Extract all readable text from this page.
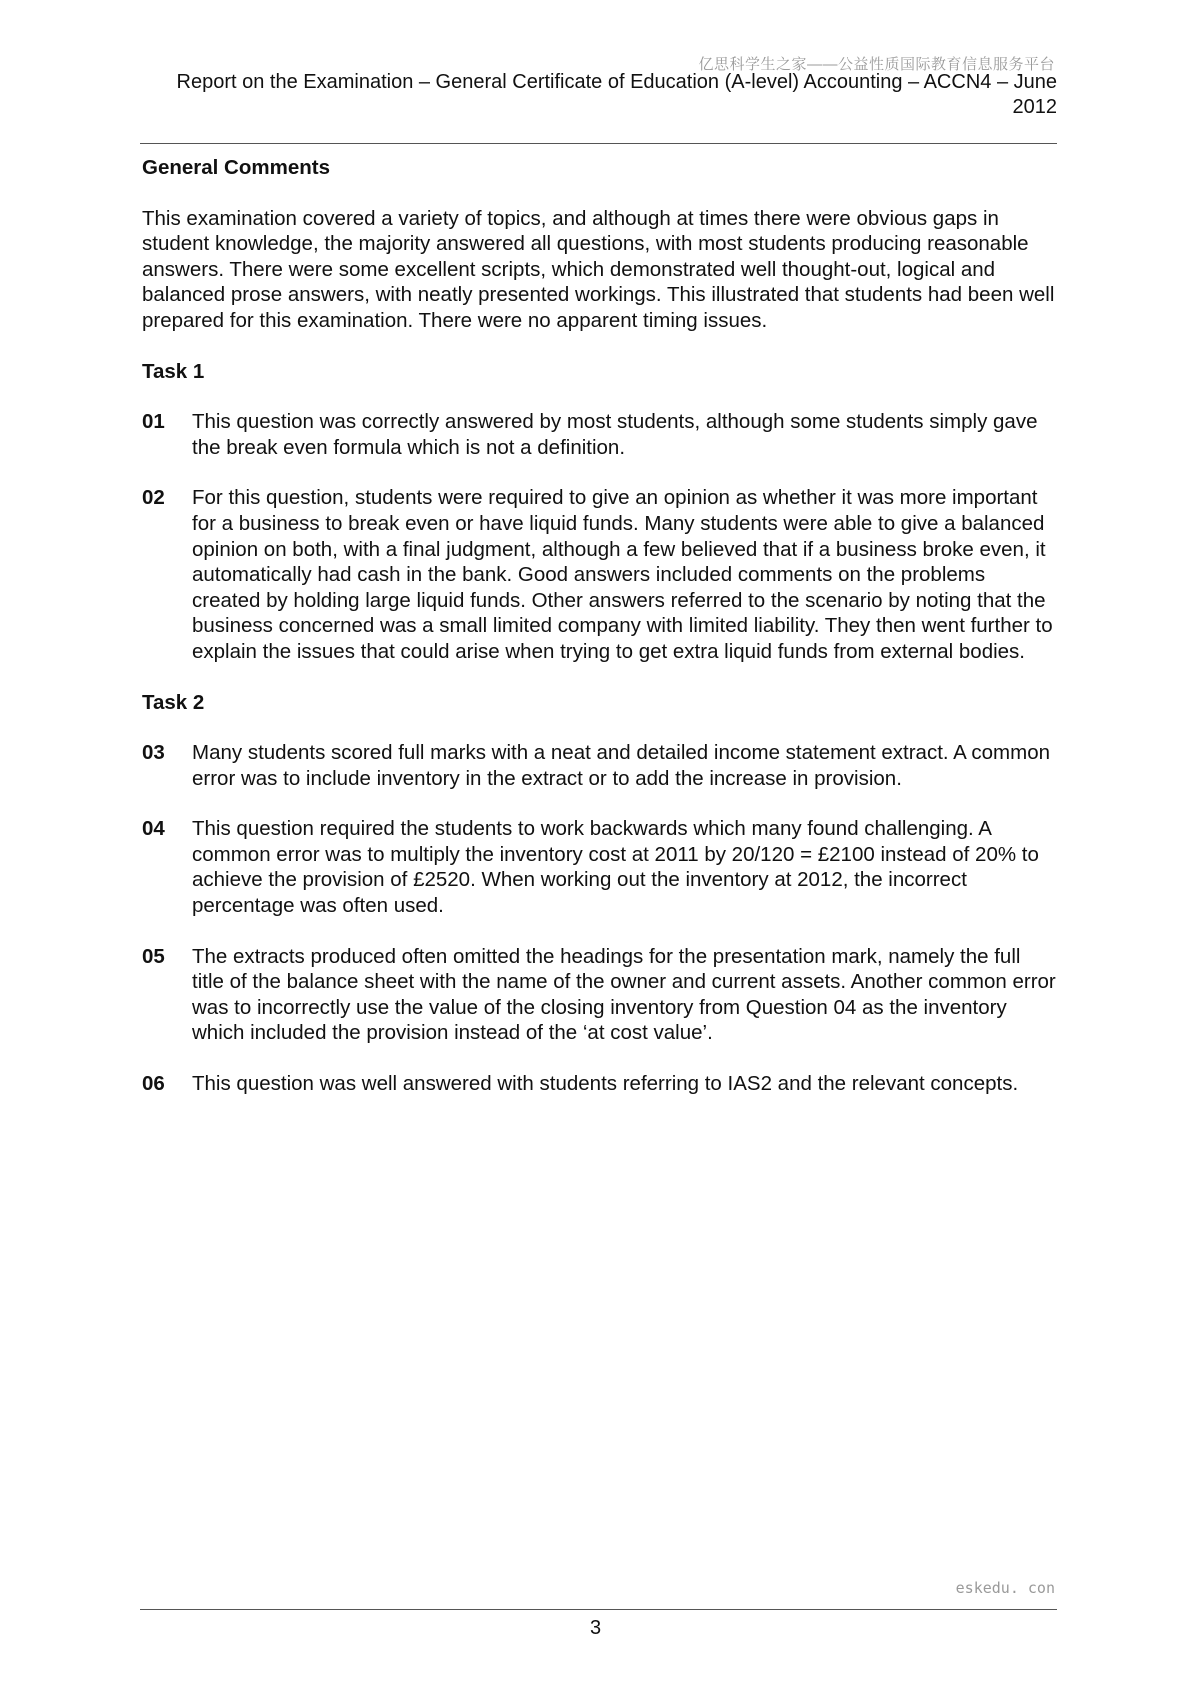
亿思科学生之家——公益性质国际教育信息服务平台
Report on the Examination – General Certificate of Education (A-level) Accounting – ACCN4 – June
2012

General Comments

This examination covered a variety of topics, and although at times there were obvious gaps in student knowledge, the majority answered all questions, with most students producing reasonable answers. There were some excellent scripts, which demonstrated well thought-out, logical and balanced prose answers, with neatly presented workings. This illustrated that students had been well prepared for this examination. There were no apparent timing issues.

Task 1

01	This question was correctly answered by most students, although some students simply gave the break even formula which is not a definition.
02	For this question, students were required to give an opinion as whether it was more important for a business to break even or have liquid funds. Many students were able to give a balanced opinion on both, with a final judgment, although a few believed that if a business broke even, it automatically had cash in the bank. Good answers included comments on the problems created by holding large liquid funds. Other answers referred to the scenario by noting that the business concerned was a small limited company with limited liability. They then went further to explain the issues that could arise when trying to get extra liquid funds from external bodies.

Task 2

03	Many students scored full marks with a neat and detailed income statement extract. A common error was to include inventory in the extract or to add the increase in provision.
04	This question required the students to work backwards which many found challenging. A common error was to multiply the inventory cost at 2011 by 20/120 = £2100 instead of 20% to achieve the provision of £2520. When working out the inventory at 2012, the incorrect percentage was often used.
05	The extracts produced often omitted the headings for the presentation mark, namely the full title of the balance sheet with the name of the owner and current assets. Another common error was to incorrectly use the value of the closing inventory from Question 04 as the inventory which included the provision instead of the ‘at cost value’.
06	This question was well answered with students referring to IAS2 and the relevant concepts.
eskedu. con
3
